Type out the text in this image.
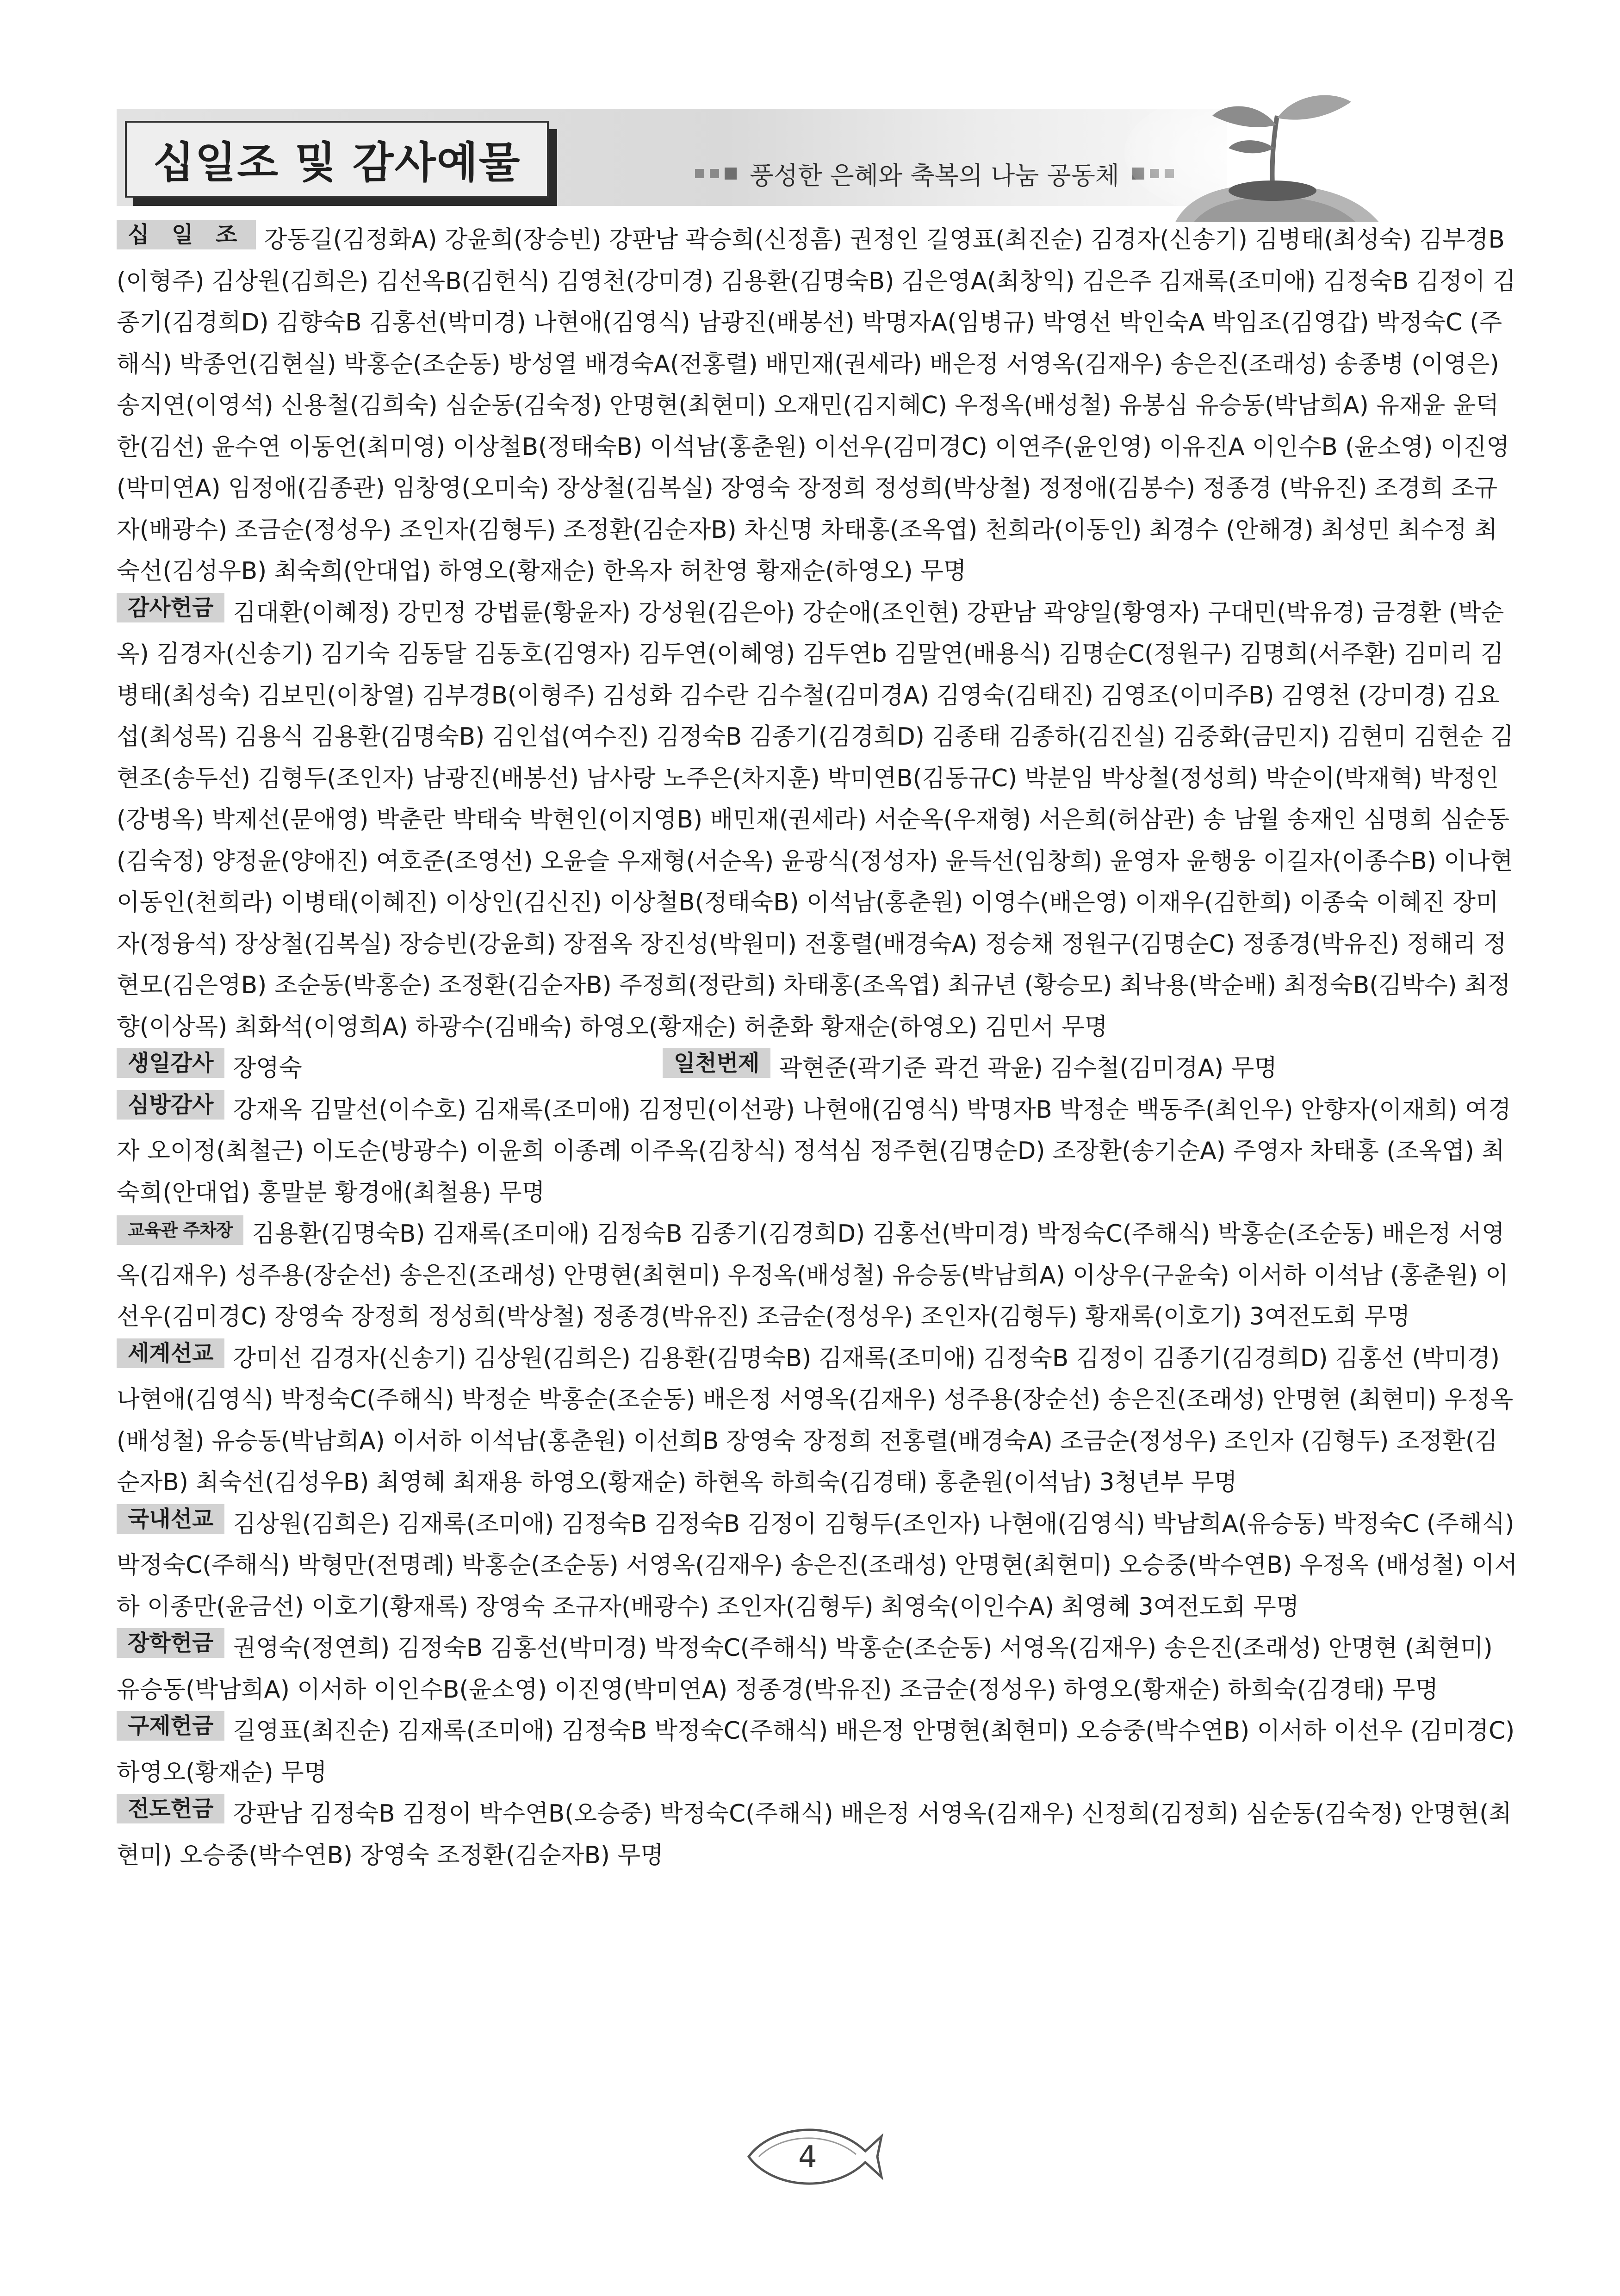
십일조 및 감사예물	풍성한 은혜와 축복의 나눔 공동체
십 일 조 강동길(김정화A) 강윤희(장승빈) 강판남 곽승희(신정흠) 권정인 길영표(최진순) 김경자(신송기) 김병태(최성숙) 김부경B (이형주) 김상원(김희은) 김선옥B(김헌식) 김영천(강미경) 김용환(김명숙B) 김은영A(최창익) 김은주 김재록(조미애) 김정숙B 김정이 김종기(김경희D) 김향숙B 김홍선(박미경) 나현애(김영식) 남광진(배봉선) 박명자A(임병규) 박영선 박인숙A 박임조(김영갑) 박정숙C (주해식) 박종언(김현실) 박홍순(조순동) 방성열 배경숙A(전홍렬) 배민재(권세라) 배은정 서영옥(김재우) 송은진(조래성) 송종병 (이영은) 송지연(이영석) 신용철(김희숙) 심순동(김숙정) 안명현(최현미) 오재민(김지혜C) 우정옥(배성철) 유봉심 유승동(박남희A) 유재윤 윤덕한(김선) 윤수연 이동언(최미영) 이상철B(정태숙B) 이석남(홍춘원) 이선우(김미경C) 이연주(윤인영) 이유진A 이인수B (윤소영) 이진영(박미연A) 임정애(김종관) 임창영(오미숙) 장상철(김복실) 장영숙 장정희 정성희(박상철) 정정애(김봉수) 정종경 (박유진) 조경희 조규자(배광수) 조금순(정성우) 조인자(김형두) 조정환(김순자B) 차신명 차태홍(조옥엽) 천희라(이동인) 최경수 (안해경) 최성민 최수정 최숙선(김성우B) 최숙희(안대업) 하영오(황재순) 한옥자 허찬영 황재순(하영오) 무명
감사헌금 김대환(이혜정) 강민정 강법륜(황윤자) 강성원(김은아) 강순애(조인현) 강판남 곽양일(황영자) 구대민(박유경) 금경환 (박순옥) 김경자(신송기) 김기숙 김동달 김동호(김영자) 김두연(이혜영) 김두연b 김말연(배용식) 김명순C(정원구) 김명희(서주환) 김미리 김병태(최성숙) 김보민(이창열) 김부경B(이형주) 김성화 김수란 김수철(김미경A) 김영숙(김태진) 김영조(이미주B) 김영천 (강미경) 김요섭(최성목) 김용식 김용환(김명숙B) 김인섭(여수진) 김정숙B 김종기(김경희D) 김종태 김종하(김진실) 김중화(금민지) 김현미 김현순 김현조(송두선) 김형두(조인자) 남광진(배봉선) 남사랑 노주은(차지훈) 박미연B(김동규C) 박분임 박상철(정성희) 박순이(박재혁) 박정인(강병옥) 박제선(문애영) 박춘란 박태숙 박현인(이지영B) 배민재(권세라) 서순옥(우재형) 서은희(허삼관) 송 남월 송재인 심명희 심순동(김숙정) 양정윤(양애진) 여호준(조영선) 오윤슬 우재형(서순옥) 윤광식(정성자) 윤득선(임창희) 윤영자 윤행웅 이길자(이종수B) 이나현 이동인(천희라) 이병태(이혜진) 이상인(김신진) 이상철B(정태숙B) 이석남(홍춘원) 이영수(배은영) 이재우(김한희) 이종숙 이혜진 장미자(정융석) 장상철(김복실) 장승빈(강윤희) 장점옥 장진성(박원미) 전홍렬(배경숙A) 정승채 정원구(김명순C) 정종경(박유진) 정해리 정현모(김은영B) 조순동(박홍순) 조정환(김순자B) 주정희(정란희) 차태홍(조옥엽) 최규년 (황승모) 최낙용(박순배) 최정숙B(김박수) 최정향(이상목) 최화석(이영희A) 하광수(김배숙) 하영오(황재순) 허춘화 황재순(하영오) 김민서 무명
생일감사 장영숙	일천번제 곽현준(곽기준 곽건 곽윤) 김수철(김미경A) 무명
심방감사 강재옥 김말선(이수호) 김재록(조미애) 김정민(이선광) 나현애(김영식) 박명자B 박정순 백동주(최인우) 안향자(이재희) 여경자 오이정(최철근) 이도순(방광수) 이윤희 이종례 이주옥(김창식) 정석심 정주현(김명순D) 조장환(송기순A) 주영자 차태홍 (조옥엽) 최숙희(안대업) 홍말분 황경애(최철용) 무명
교육관 주차장 김용환(김명숙B) 김재록(조미애) 김정숙B 김종기(김경희D) 김홍선(박미경) 박정숙C(주해식) 박홍순(조순동) 배은정 서영옥(김재우) 성주용(장순선) 송은진(조래성) 안명현(최현미) 우정옥(배성철) 유승동(박남희A) 이상우(구윤숙) 이서하 이석남 (홍춘원) 이선우(김미경C) 장영숙 장정희 정성희(박상철) 정종경(박유진) 조금순(정성우) 조인자(김형두) 황재록(이호기) 3여전도회 무명
세계선교 강미선 김경자(신송기) 김상원(김희은) 김용환(김명숙B) 김재록(조미애) 김정숙B 김정이 김종기(김경희D) 김홍선 (박미경) 나현애(김영식) 박정숙C(주해식) 박정순 박홍순(조순동) 배은정 서영옥(김재우) 성주용(장순선) 송은진(조래성) 안명현 (최현미) 우정옥(배성철) 유승동(박남희A) 이서하 이석남(홍춘원) 이선희B 장영숙 장정희 전홍렬(배경숙A) 조금순(정성우) 조인자 (김형두) 조정환(김순자B) 최숙선(김성우B) 최영혜 최재용 하영오(황재순) 하현옥 하희숙(김경태) 홍춘원(이석남) 3청년부 무명
국내선교 김상원(김희은) 김재록(조미애) 김정숙B 김정숙B 김정이 김형두(조인자) 나현애(김영식) 박남희A(유승동) 박정숙C (주해식) 박정숙C(주해식) 박형만(전명례) 박홍순(조순동) 서영옥(김재우) 송은진(조래성) 안명현(최현미) 오승중(박수연B) 우정옥 (배성철) 이서하 이종만(윤금선) 이호기(황재록) 장영숙 조규자(배광수) 조인자(김형두) 최영숙(이인수A) 최영혜 3여전도회 무명
장학헌금 권영숙(정연희) 김정숙B 김홍선(박미경) 박정숙C(주해식) 박홍순(조순동) 서영옥(김재우) 송은진(조래성) 안명현 (최현미) 유승동(박남희A) 이서하 이인수B(윤소영) 이진영(박미연A) 정종경(박유진) 조금순(정성우) 하영오(황재순) 하희숙(김경태) 무명
구제헌금 길영표(최진순) 김재록(조미애) 김정숙B 박정숙C(주해식) 배은정 안명현(최현미) 오승중(박수연B) 이서하 이선우 (김미경C) 하영오(황재순) 무명
전도헌금 강판남 김정숙B 김정이 박수연B(오승중) 박정숙C(주해식) 배은정 서영옥(김재우) 신정희(김정희) 심순동(김숙정) 안명현(최현미) 오승중(박수연B) 장영숙 조정환(김순자B) 무명
4
